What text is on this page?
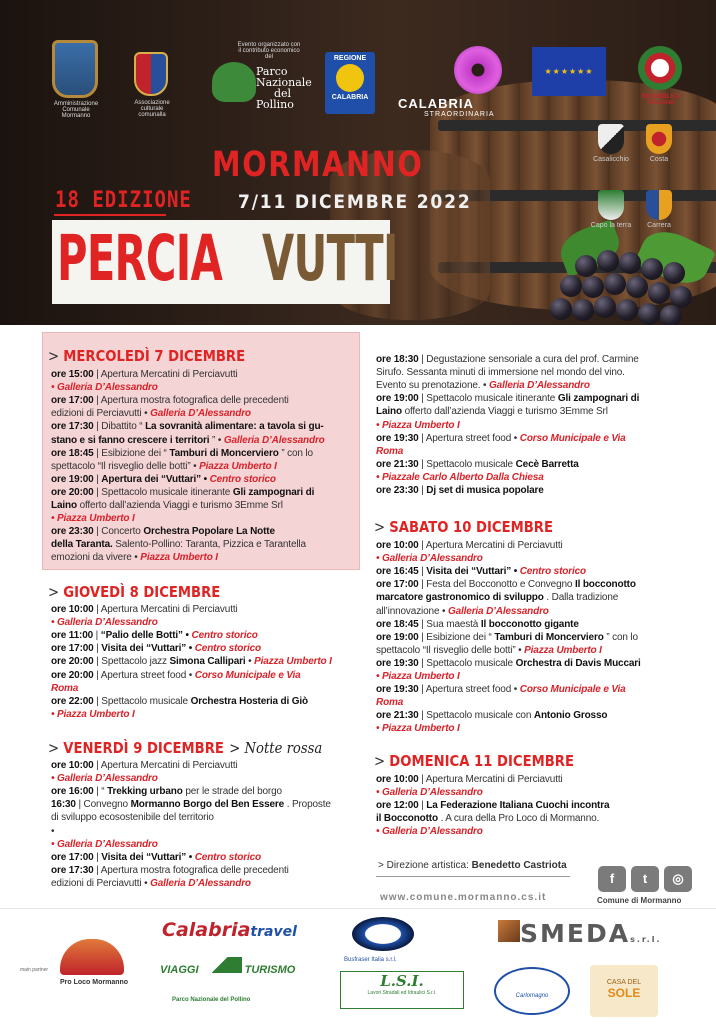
Amministrazione Comunale Mormanno
Associazione culturale comunalla
Evento organizzato con il contributo economico del
Parco
Nazionale
del
Pollino
REGIONE
CALABRIA	CALABRIA
STRAORDINARIA
★★★★★★
REPUBBLICA ITALIANA
Casalicchio	Costa
Capo la terra	Carrera
MORMANNO
7/11 DICEMBRE 2022
18 EDIZIONE
PERCIA VUTTI
> MERCOLEDÌ 7 DICEMBRE
ore 15:00 | Apertura Mercatini di Perciavutti
• Galleria D’Alessandro
ore 17:00 | Apertura mostra fotografica delle precedenti
edizioni di Perciavutti • Galleria D’Alessandro
ore 17:30 | Dibattito “ La sovranità alimentare: a tavola si gu-
stano e si fanno crescere i territori ” • Galleria D’Alessandro
ore 18:45 | Esibizione dei “ Tamburi di Moncerviero ” con lo
spettacolo “Il risveglio delle botti” • Piazza Umberto I
ore 19:00 | Apertura dei “Vuttari” • Centro storico
ore 20:00 | Spettacolo musicale itinerante Gli zampognari di
Laino offerto dall’azienda Viaggi e turismo 3Emme Srl
• Piazza Umberto I
ore 23:30 | Concerto Orchestra Popolare La Notte
della Taranta. Salento-Pollino: Taranta, Pizzica e Tarantella
emozioni da vivere • Piazza Umberto I
> GIOVEDÌ 8 DICEMBRE
ore 10:00 | Apertura Mercatini di Perciavutti
• Galleria D’Alessandro
ore 11:00 | “Palio delle Botti” • Centro storico
ore 17:00 | Visita dei “Vuttari” • Centro storico
ore 20:00 | Spettacolo jazz Simona Callipari • Piazza Umberto I
ore 20:00 | Apertura street food • Corso Municipale e Via
Roma
ore 22:00 | Spettacolo musicale Orchestra Hosteria di Giò
• Piazza Umberto I
> VENERDÌ 9 DICEMBRE > Notte rossa
ore 10:00 | Apertura Mercatini di Perciavutti
• Galleria D’Alessandro
ore 16:00 | “ Trekking urbano per le strade del borgo
16:30 | Convegno Mormanno Borgo del Ben Essere . Proposte
di sviluppo ecosostenibile del territorio
•
• Galleria D’Alessandro
ore 17:00 | Visita dei “Vuttari” • Centro storico
ore 17:30 | Apertura mostra fotografica delle precedenti
edizioni di Perciavutti • Galleria D’Alessandro
ore 18:30 | Degustazione sensoriale a cura del prof. Carmine
Sirufo. Sessanta minuti di immersione nel mondo del vino.
Evento su prenotazione. • Galleria D’Alessandro
ore 19:00 | Spettacolo musicale itinerante Gli zampognari di
Laino offerto dall’azienda Viaggi e turismo 3Emme Srl
• Piazza Umberto I
ore 19:30 | Apertura street food • Corso Municipale e Via
Roma
ore 21:30 | Spettacolo musicale Cecè Barretta
• Piazzale Carlo Alberto Dalla Chiesa
ore 23:30 | Dj set di musica popolare
> SABATO 10 DICEMBRE
ore 10:00 | Apertura Mercatini di Perciavutti
• Galleria D’Alessandro
ore 16:45 | Visita dei “Vuttari” • Centro storico
ore 17:00 | Festa del Bocconotto e Convegno Il bocconotto
marcatore gastronomico di sviluppo . Dalla tradizione
all’innovazione • Galleria D’Alessandro
ore 18:45 | Sua maestà Il bocconotto gigante
ore 19:00 | Esibizione dei “ Tamburi di Moncerviero ” con lo
spettacolo “Il risveglio delle botti” • Piazza Umberto I
ore 19:30 | Spettacolo musicale Orchestra di Davis Muccari
• Piazza Umberto I
ore 19:30 | Apertura street food • Corso Municipale e Via
Roma
ore 21:30 | Spettacolo musicale con Antonio Grosso
• Piazza Umberto I
> DOMENICA 11 DICEMBRE
ore 10:00 | Apertura Mercatini di Perciavutti
• Galleria D’Alessandro
ore 12:00 | La Federazione Italiana Cuochi incontra
il Bocconotto . A cura della Pro Loco di Mormanno.
• Galleria D’Alessandro
> Direzione artistica: Benedetto Castriota
www.comune.mormanno.cs.it
f	t	◎
Comune di Mormanno
main partner
Pro Loco Mormanno
Calabriatravel
VIAGGI	TURISMO
Parco Nazionale del Pollino
Busfraser Italia s.r.l.
L.S.I.
Lavori Stradali ed Idraulici S.r.l.
SMEDAs.r.l.
Carlomagno
CASA DEL
SOLE
